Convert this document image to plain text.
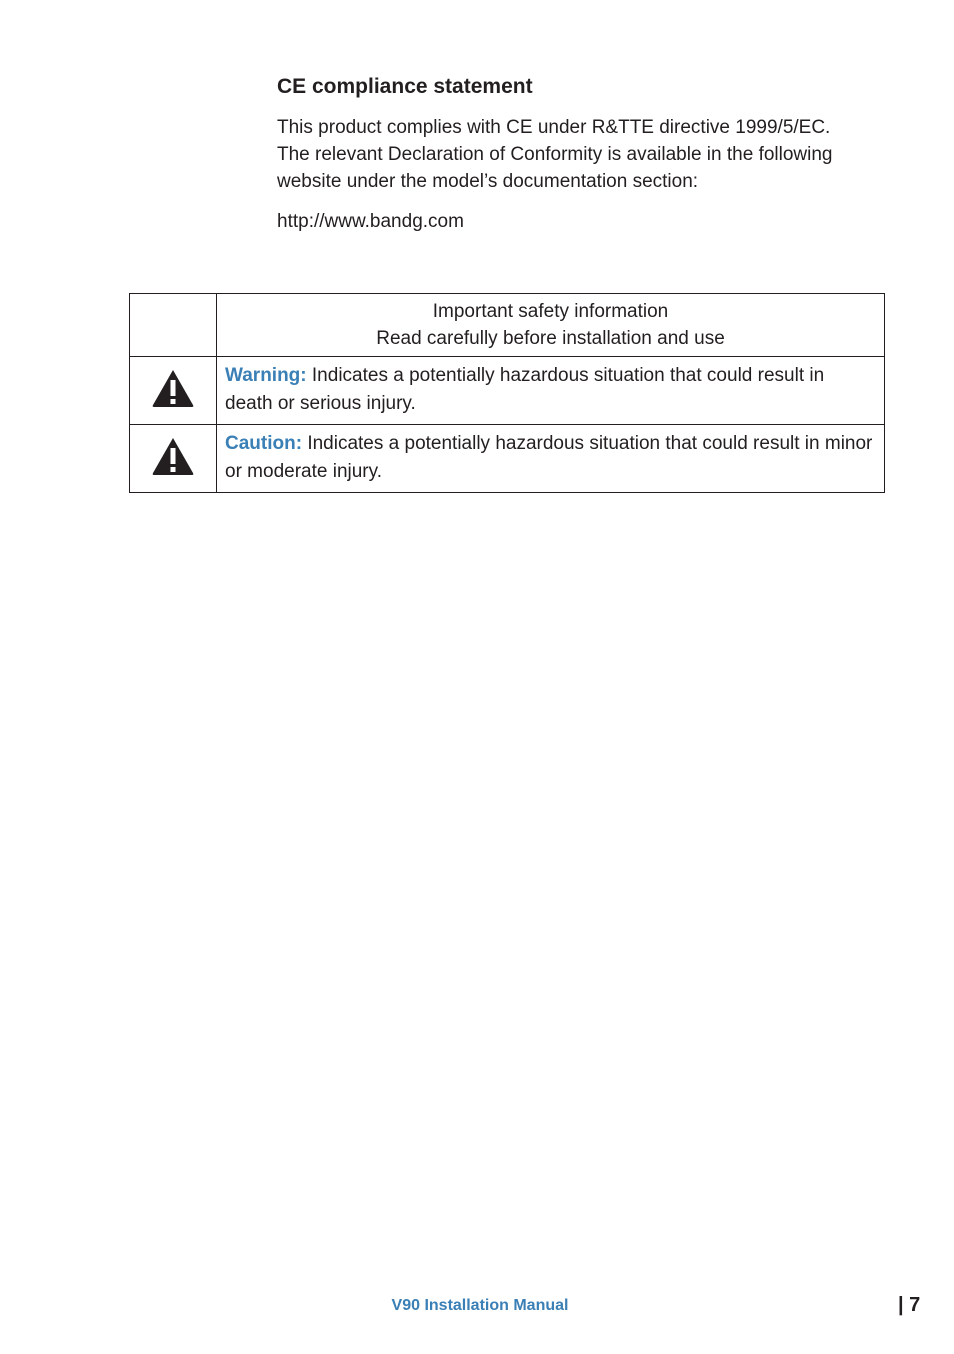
CE compliance statement

This product complies with CE under R&TTE directive 1999/5/EC.
The relevant Declaration of Conformity is available in the following
website under the model’s documentation section:

http://www.bandg.com

	Important safety information
Read carefully before installation and use

	Warning: Indicates a potentially hazardous situation that could result in death or serious injury.

	Caution: Indicates a potentially hazardous situation that could result in minor or moderate injury.
V90 Installation Manual	| 7
